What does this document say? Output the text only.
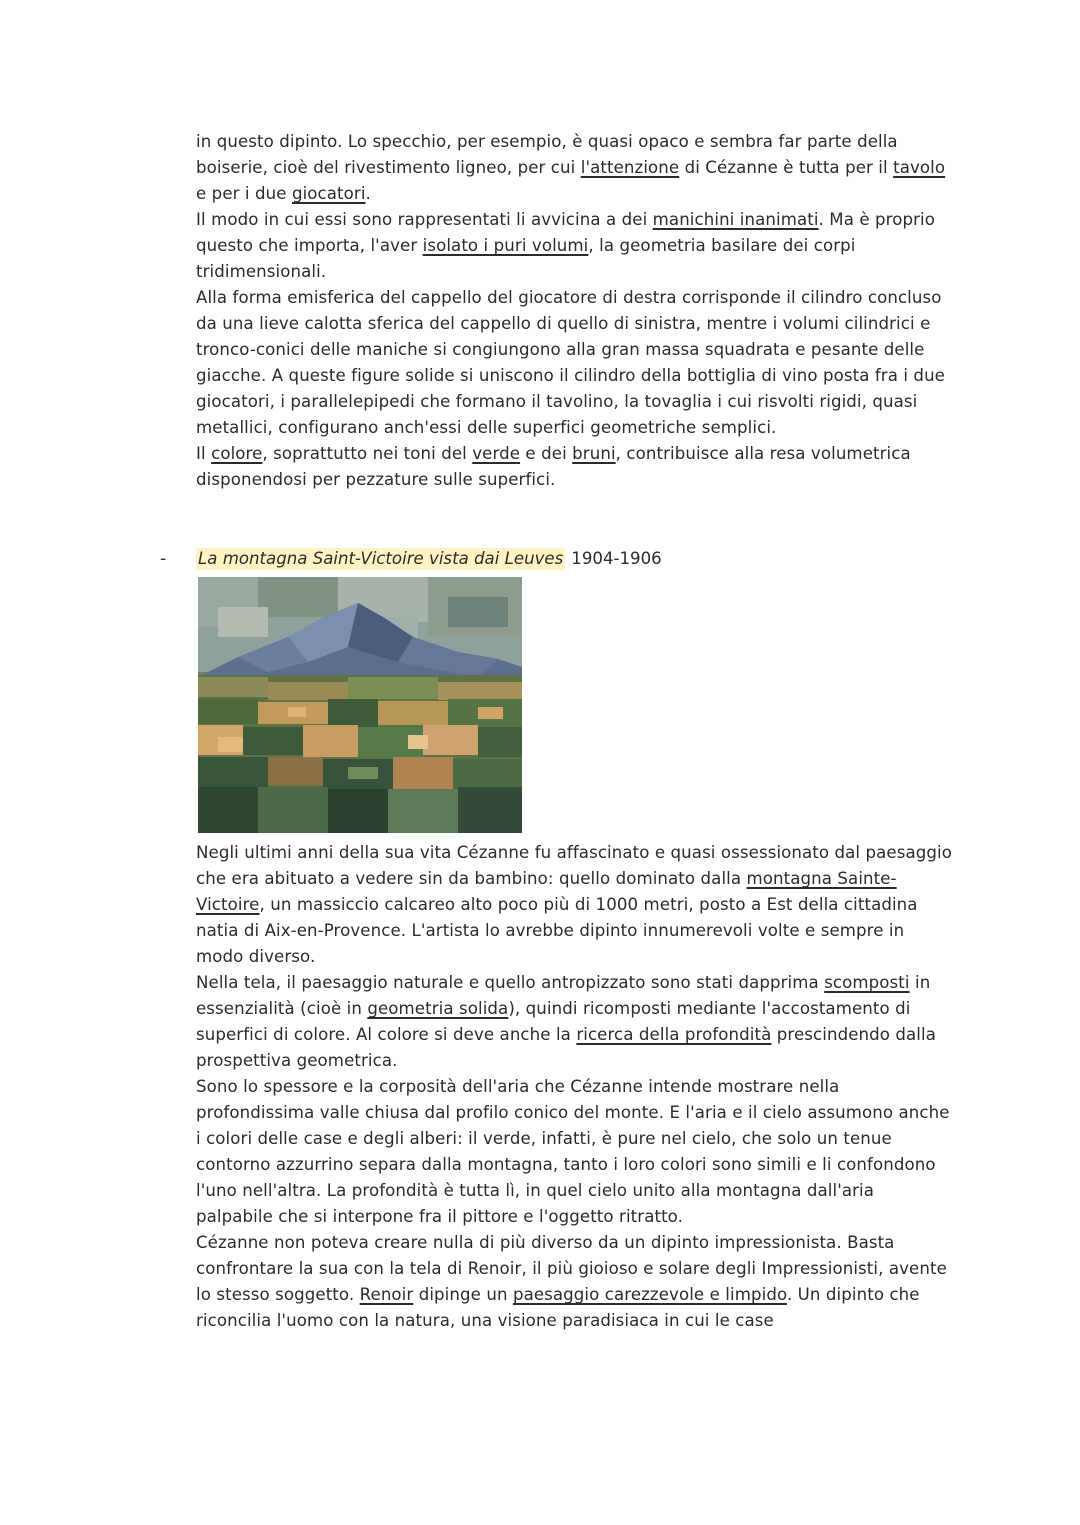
in questo dipinto. Lo specchio, per esempio, è quasi opaco e sembra far parte della boiserie, cioè del rivestimento ligneo, per cui l'attenzione di Cézanne è tutta per il tavolo e per i due giocatori.

Il modo in cui essi sono rappresentati li avvicina a dei manichini inanimati. Ma è proprio questo che importa, l'aver isolato i puri volumi, la geometria basilare dei corpi tridimensionali.

Alla forma emisferica del cappello del giocatore di destra corrisponde il cilindro concluso da una lieve calotta sferica del cappello di quello di sinistra, mentre i volumi cilindrici e tronco-conici delle maniche si congiungono alla gran massa squadrata e pesante delle giacche. A queste figure solide si uniscono il cilindro della bottiglia di vino posta fra i due giocatori, i parallelepipedi che formano il tavolino, la tovaglia i cui risvolti rigidi, quasi metallici, configurano anch'essi delle superfici geometriche semplici.

Il colore, soprattutto nei toni del verde e dei bruni, contribuisce alla resa volumetrica disponendosi per pezzature sulle superfici.

- La montagna Saint-Victoire vista dai Leuves 1904-1906

Negli ultimi anni della sua vita Cézanne fu affascinato e quasi ossessionato dal paesaggio che era abituato a vedere sin da bambino: quello dominato dalla montagna Sainte-Victoire, un massiccio calcareo alto poco più di 1000 metri, posto a Est della cittadina natia di Aix-en-Provence. L'artista lo avrebbe dipinto innumerevoli volte e sempre in modo diverso.

Nella tela, il paesaggio naturale e quello antropizzato sono stati dapprima scomposti in essenzialità (cioè in geometria solida), quindi ricomposti mediante l'accostamento di superfici di colore. Al colore si deve anche la ricerca della profondità prescindendo dalla prospettiva geometrica.

Sono lo spessore e la corposità dell'aria che Cézanne intende mostrare nella profondissima valle chiusa dal profilo conico del monte. E l'aria e il cielo assumono anche i colori delle case e degli alberi: il verde, infatti, è pure nel cielo, che solo un tenue contorno azzurrino separa dalla montagna, tanto i loro colori sono simili e li confondono l'uno nell'altra. La profondità è tutta lì, in quel cielo unito alla montagna dall'aria palpabile che si interpone fra il pittore e l'oggetto ritratto.

Cézanne non poteva creare nulla di più diverso da un dipinto impressionista. Basta confrontare la sua con la tela di Renoir, il più gioioso e solare degli Impressionisti, avente lo stesso soggetto. Renoir dipinge un paesaggio carezzevole e limpido. Un dipinto che riconcilia l'uomo con la natura, una visione paradisiaca in cui le case
